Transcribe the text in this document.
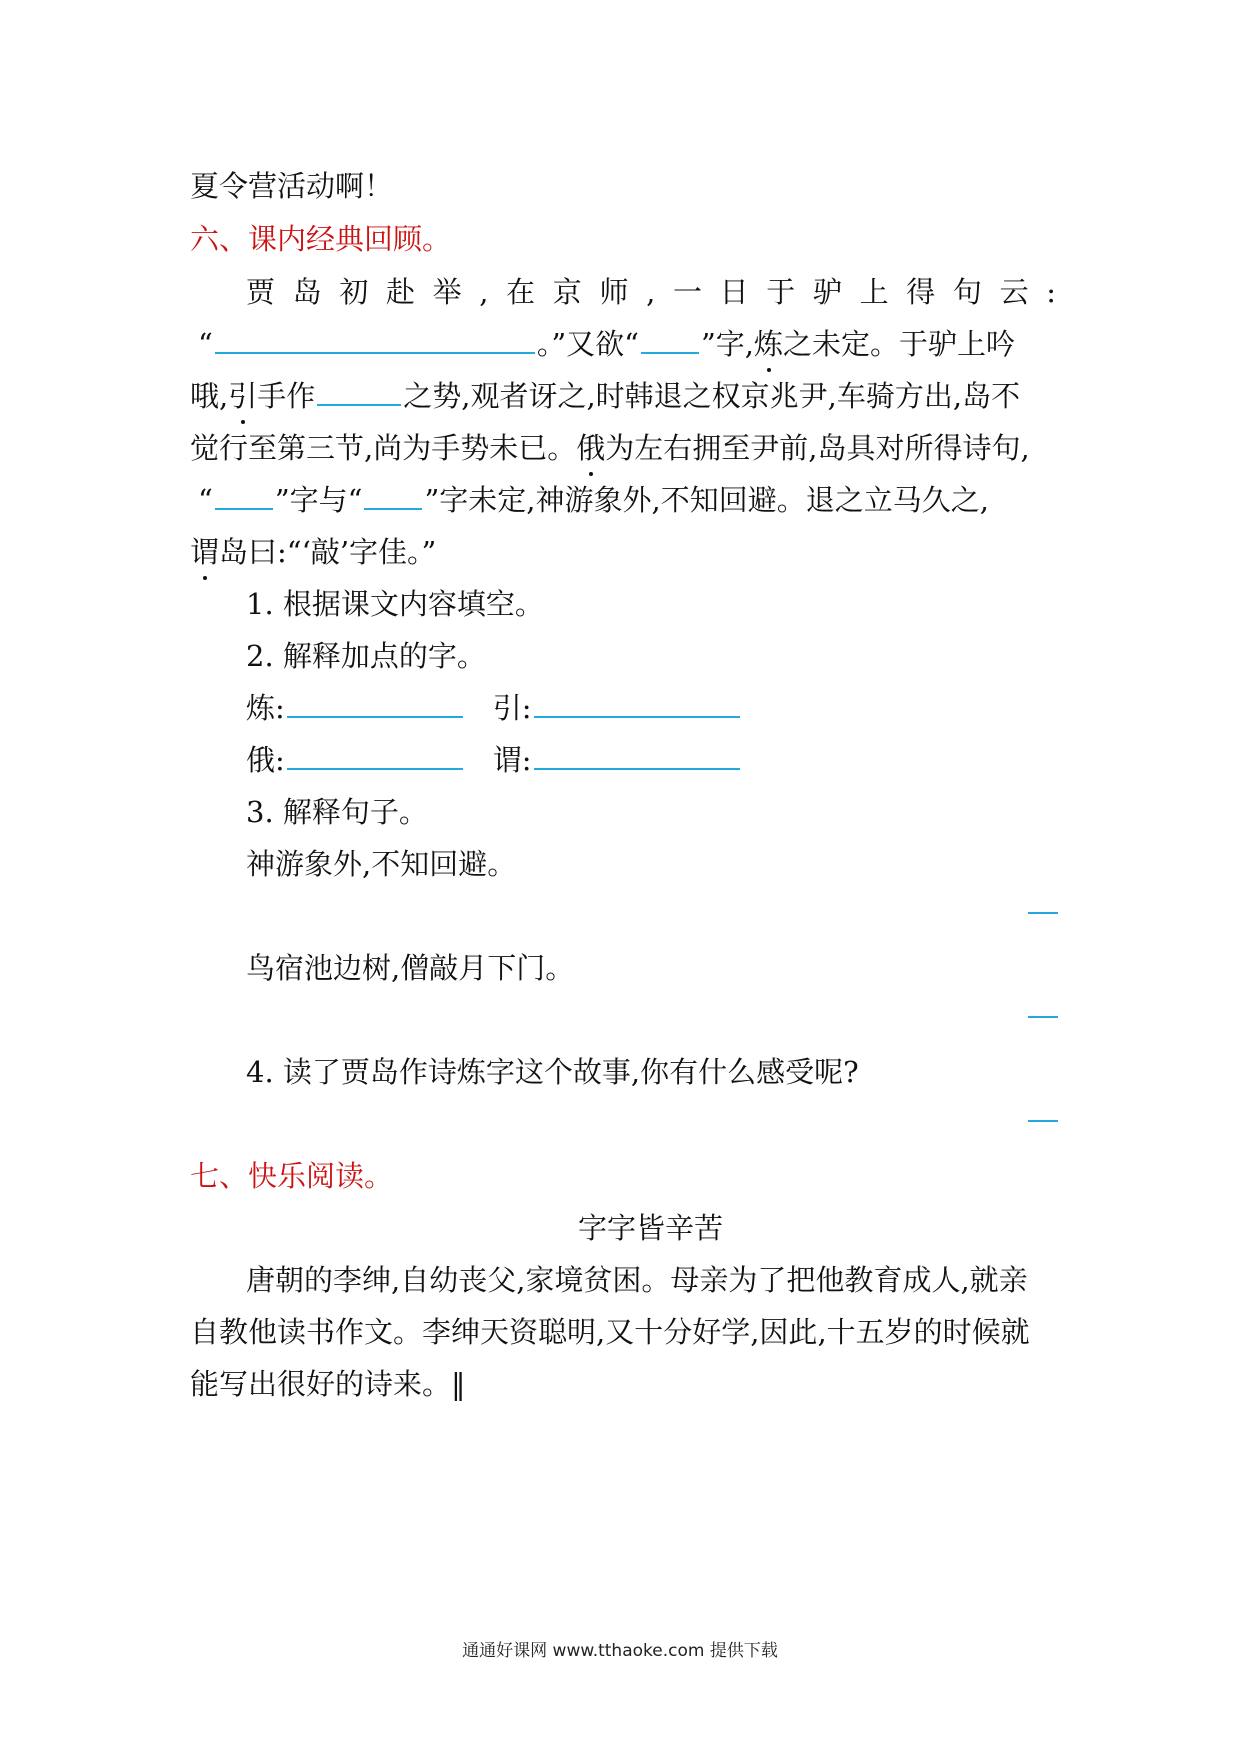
夏令营活动啊！
六、课内经典回顾。
贾 岛 初 赴 举 , 在 京 师 , 一 日 于 驴 上 得 句 云 :
“	。”又欲“ ”字,炼之未定。于驴上吟
哦,引手作	之势,观者讶之,时韩退之权京兆尹,车骑方出,岛不
觉行至第三节,尚为手势未已。俄为左右拥至尹前,岛具对所得诗句,
“ ”字与“ ”字未定,神游象外,不知回避。退之立马久之,
谓岛曰:“‘敲’字佳。”
1. 根据课文内容填空。
2. 解释加点的字。
炼:	引:
俄:	谓:
3. 解释句子。
神游象外,不知回避。
鸟宿池边树,僧敲月下门。
4. 读了贾岛作诗炼字这个故事,你有什么感受呢?
七、快乐阅读。
字字皆辛苦
唐朝的李绅,自幼丧父,家境贫困。母亲为了把他教育成人,就亲
自教他读书作文。李绅天资聪明,又十分好学,因此,十五岁的时候就
能写出很好的诗来。‖
通通好课网 www.tthaoke.com 提供下载
